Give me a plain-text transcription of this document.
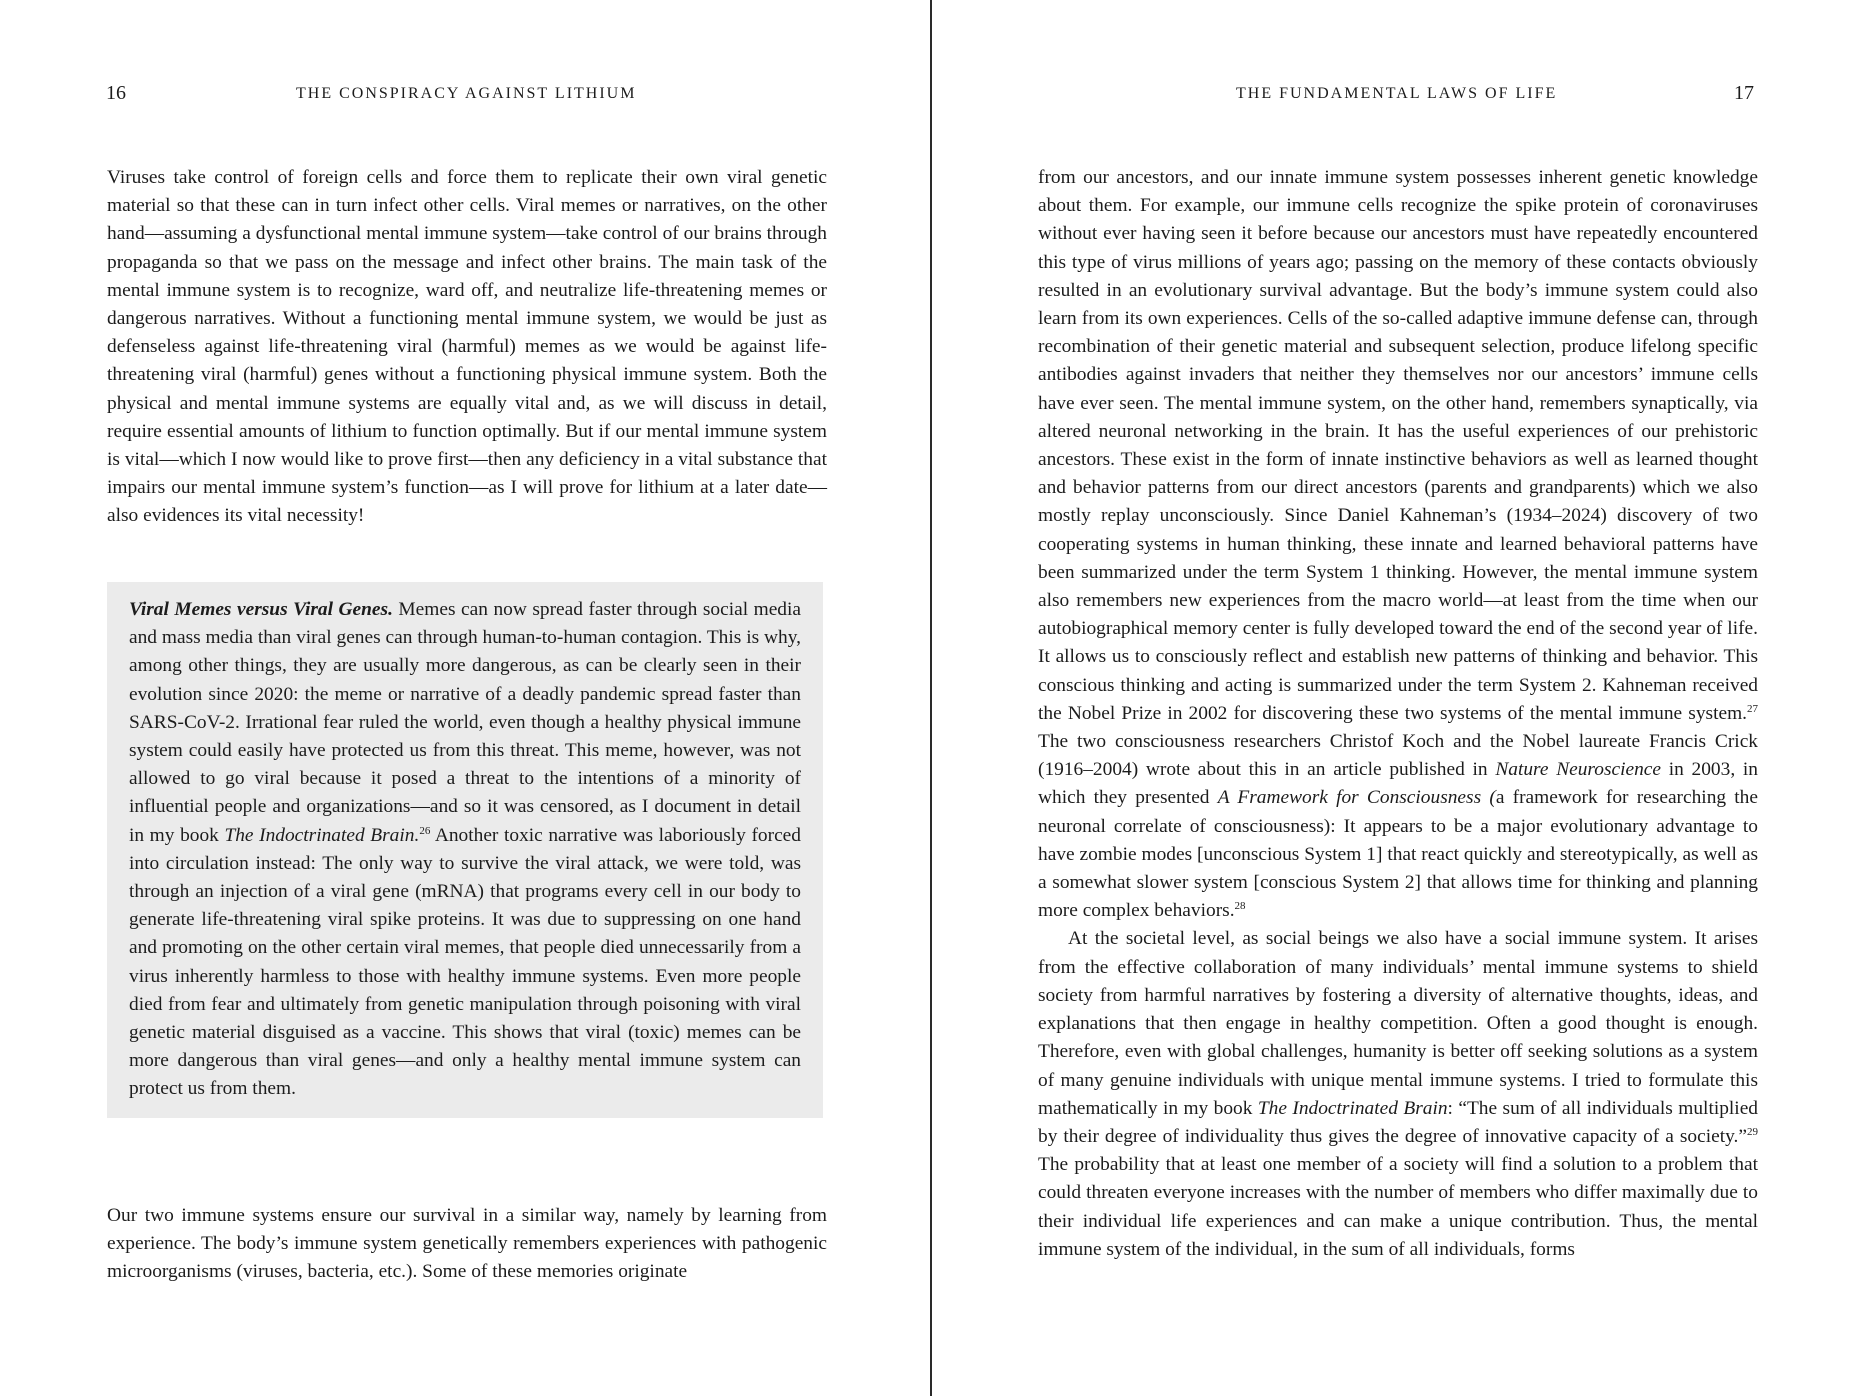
16	THE CONSPIRACY AGAINST LITHIUM

Viruses take control of foreign cells and force them to replicate their own viral genetic material so that these can in turn infect other cells. Viral memes or narratives, on the other hand—assuming a dysfunctional mental immune system—take control of our brains through propaganda so that we pass on the message and infect other brains. The main task of the mental immune system is to recognize, ward off, and neutralize life-threatening memes or dangerous narratives. Without a functioning mental immune system, we would be just as defenseless against life-threatening viral (harmful) memes as we would be against life-threatening viral (harmful) genes without a functioning physical immune system. Both the physical and mental immune systems are equally vital and, as we will discuss in detail, require essential amounts of lithium to function optimally. But if our mental immune system is vital—which I now would like to prove first—then any deficiency in a vital substance that impairs our mental immune system’s function—as I will prove for lithium at a later date—also evidences its vital necessity!

Viral Memes versus Viral Genes. Memes can now spread faster through social media and mass media than viral genes can through human-to-human contagion. This is why, among other things, they are usually more dangerous, as can be clearly seen in their evolution since 2020: the meme or narrative of a deadly pandemic spread faster than SARS-CoV-2. Irrational fear ruled the world, even though a healthy physical immune system could easily have protected us from this threat. This meme, however, was not allowed to go viral because it posed a threat to the intentions of a minority of influential people and organizations—and so it was censored, as I document in detail in my book The Indoctrinated Brain.$^{26}$ Another toxic narrative was laboriously forced into circulation instead: The only way to survive the viral attack, we were told, was through an injection of a viral gene (mRNA) that programs every cell in our body to generate life-threatening viral spike proteins. It was due to suppressing on one hand and promoting on the other certain viral memes, that people died unnecessarily from a virus inherently harmless to those with healthy immune systems. Even more people died from fear and ultimately from genetic manipulation through poisoning with viral genetic material disguised as a vaccine. This shows that viral (toxic) memes can be more dangerous than viral genes—and only a healthy mental immune system can protect us from them.

Our two immune systems ensure our survival in a similar way, namely by learning from experience. The body’s immune system genetically remembers experiences with pathogenic microorganisms (viruses, bacteria, etc.). Some of these memories originate

THE FUNDAMENTAL LAWS OF LIFE	17

from our ancestors, and our innate immune system possesses inherent genetic knowledge about them. For example, our immune cells recognize the spike protein of coronaviruses without ever having seen it before because our ancestors must have repeatedly encountered this type of virus millions of years ago; passing on the memory of these contacts obviously resulted in an evolutionary survival advantage. But the body’s immune system could also learn from its own experiences. Cells of the so-called adaptive immune defense can, through recombination of their genetic material and subsequent selection, produce lifelong specific antibodies against invaders that neither they themselves nor our ancestors’ immune cells have ever seen. The mental immune system, on the other hand, remembers synaptically, via altered neuronal networking in the brain. It has the useful experiences of our prehistoric ancestors. These exist in the form of innate instinctive behaviors as well as learned thought and behavior patterns from our direct ancestors (parents and grandparents) which we also mostly replay unconsciously. Since Daniel Kahneman’s (1934–2024) discovery of two cooperating systems in human thinking, these innate and learned behavioral patterns have been summarized under the term System 1 thinking. However, the mental immune system also remembers new experiences from the macro world—at least from the time when our autobiographical memory center is fully developed toward the end of the second year of life. It allows us to consciously reflect and establish new patterns of thinking and behavior. This conscious thinking and acting is summarized under the term System 2. Kahneman received the Nobel Prize in 2002 for discovering these two systems of the mental immune system.$^{27}$ The two consciousness researchers Christof Koch and the Nobel laureate Francis Crick (1916–2004) wrote about this in an article published in Nature Neuroscience in 2003, in which they presented A Framework for Consciousness (a framework for researching the neuronal correlate of consciousness): It appears to be a major evolutionary advantage to have zombie modes [unconscious System 1] that react quickly and stereotypically, as well as a somewhat slower system [conscious System 2] that allows time for thinking and planning more complex behaviors.$^{28}$

At the societal level, as social beings we also have a social immune system. It arises from the effective collaboration of many individuals’ mental immune systems to shield society from harmful narratives by fostering a diversity of alternative thoughts, ideas, and explanations that then engage in healthy competition. Often a good thought is enough. Therefore, even with global challenges, humanity is better off seeking solutions as a system of many genuine individuals with unique mental immune systems. I tried to formulate this mathematically in my book The Indoctrinated Brain: “The sum of all individuals multiplied by their degree of individuality thus gives the degree of innovative capacity of a society.”$^{29}$ The probability that at least one member of a society will find a solution to a problem that could threaten everyone increases with the number of members who differ maximally due to their individual life experiences and can make a unique contribution. Thus, the mental immune system of the individual, in the sum of all individuals, forms
